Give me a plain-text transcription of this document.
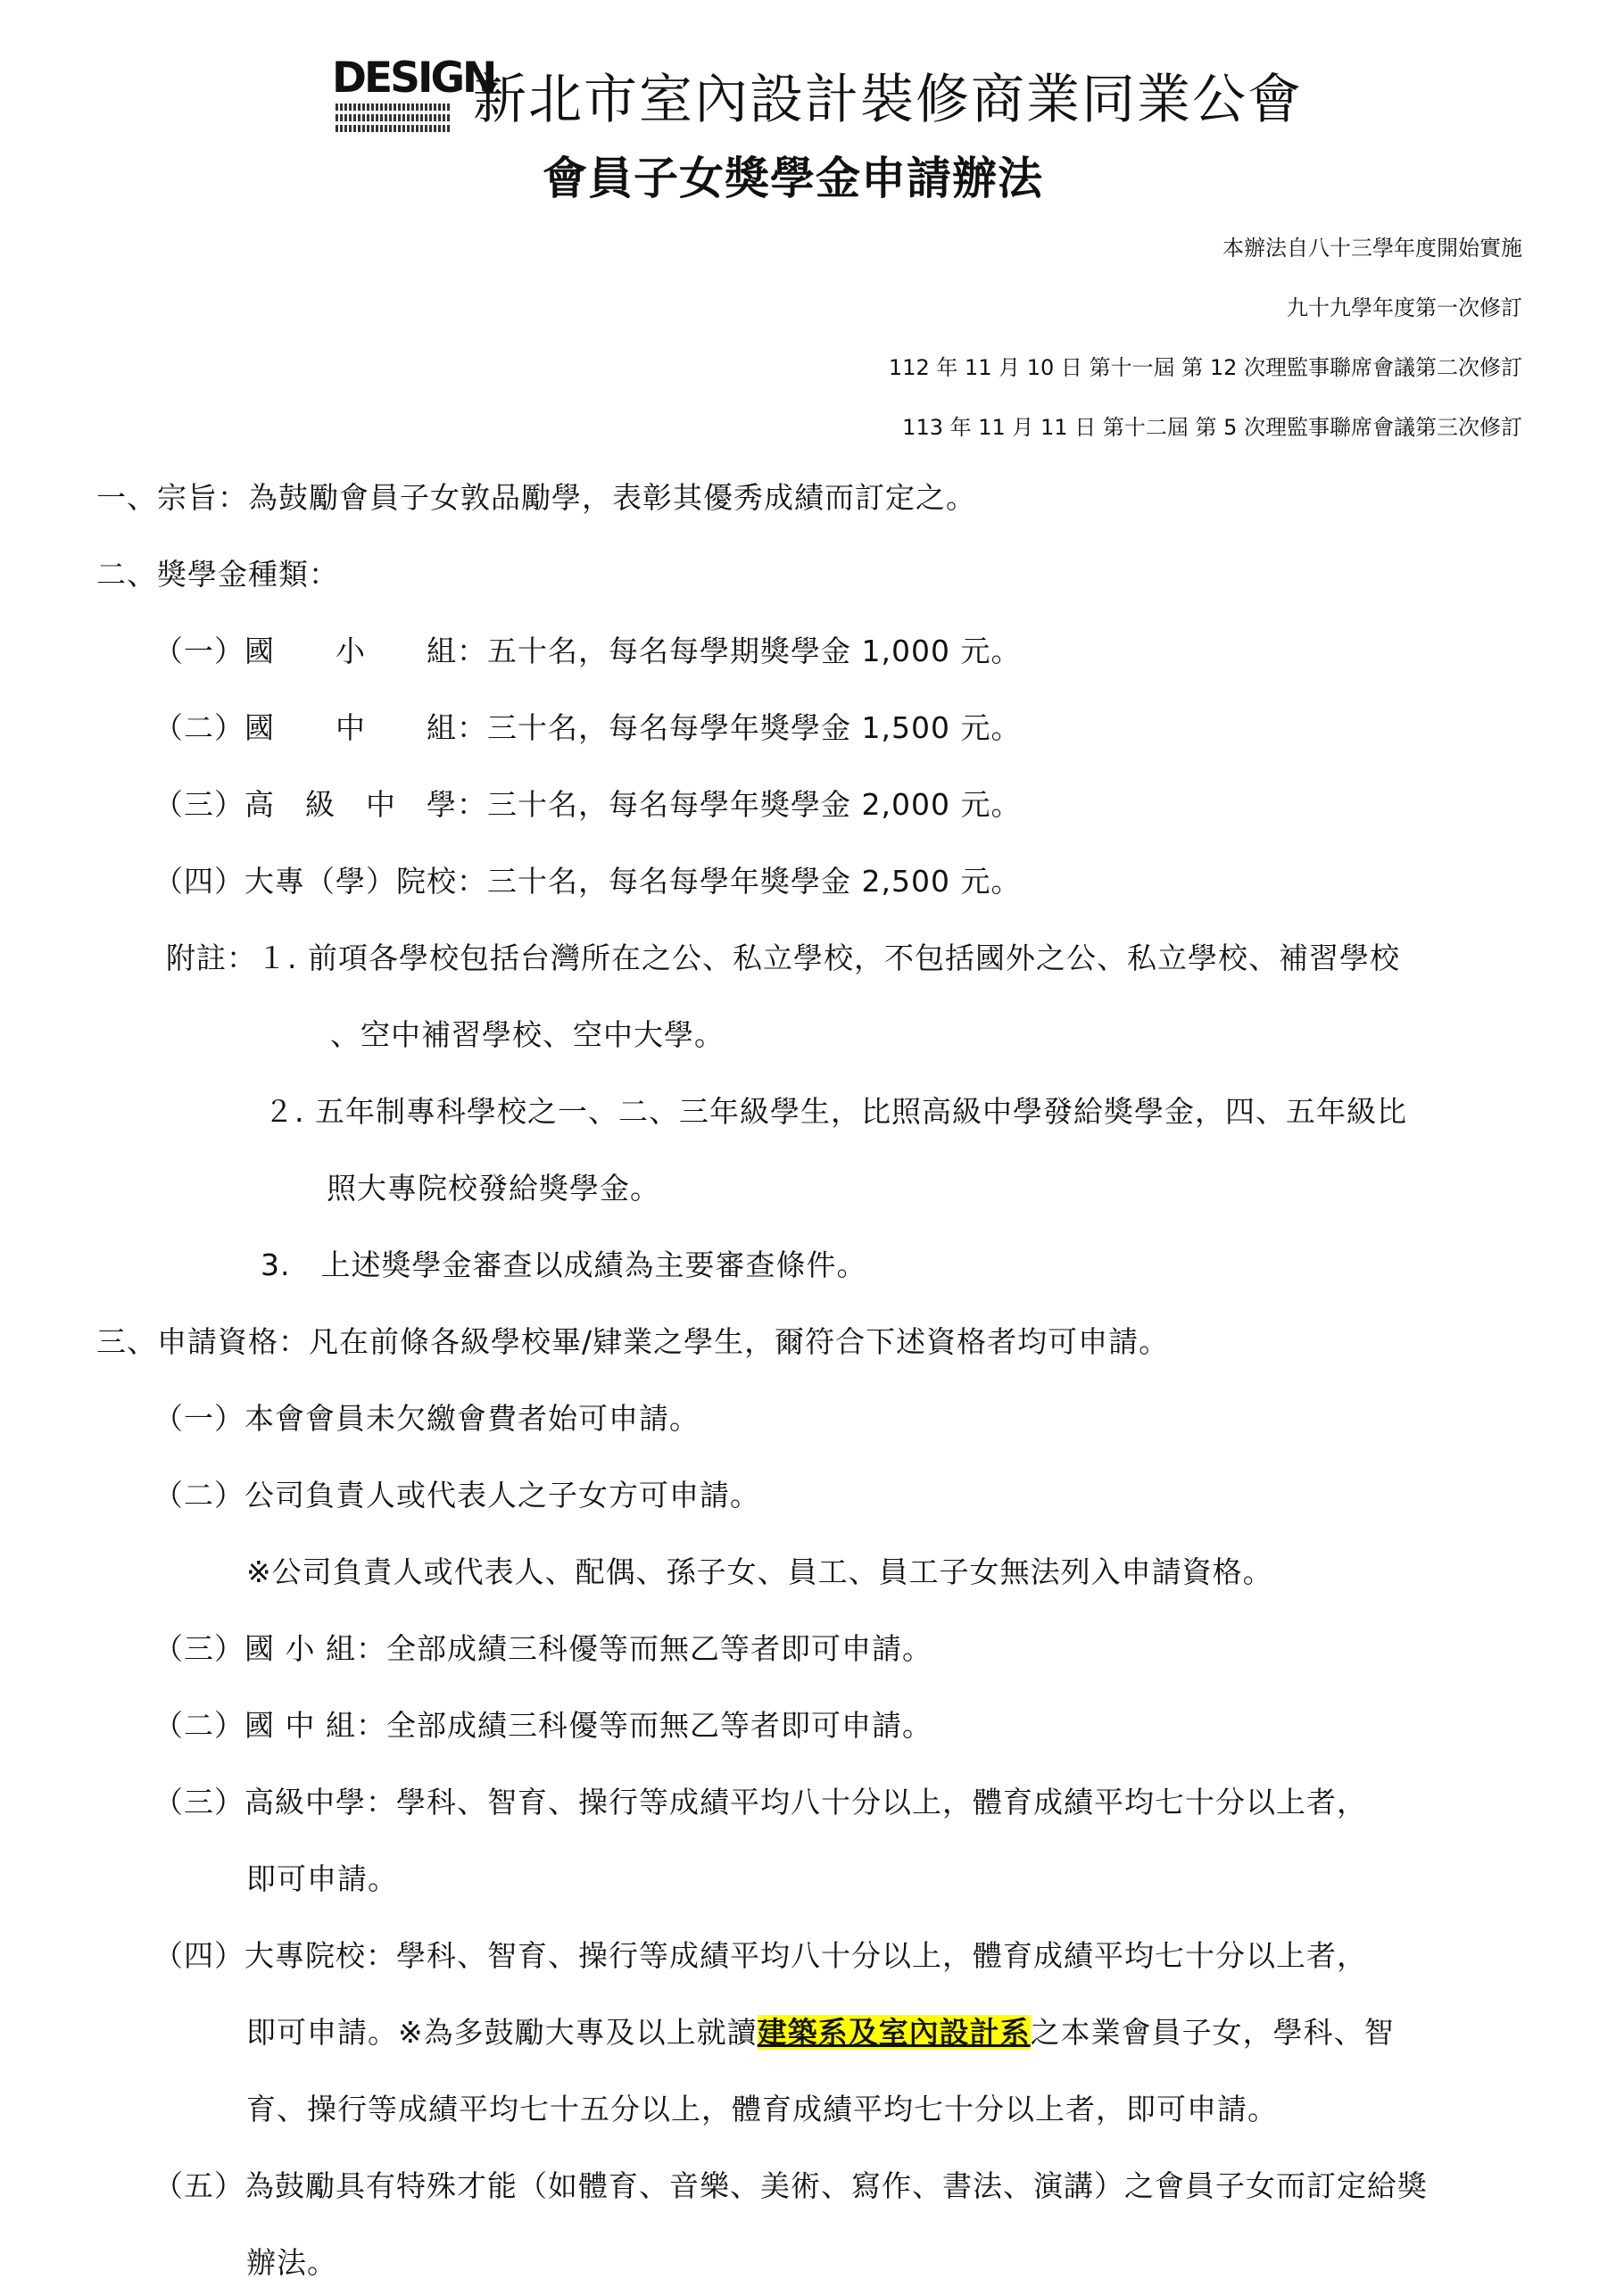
DESIGN
新北市室內設計裝修商業同業公會
會員子女獎學金申請辦法
本辦法自八十三學年度開始實施
九十九學年度第一次修訂
112 年 11 月 10 日 第十一屆 第 12 次理監事聯席會議第二次修訂
113 年 11 月 11 日 第十二屆 第 5 次理監事聯席會議第三次修訂
一、宗旨：為鼓勵會員子女敦品勵學，表彰其優秀成績而訂定之。
二、獎學金種類：
（一）國　　小　　組：五十名，每名每學期獎學金 1,000 元。
（二）國　　中　　組：三十名，每名每學年獎學金 1,500 元。
（三）高　級　中　學：三十名，每名每學年獎學金 2,000 元。
（四）大專（學）院校：三十名，每名每學年獎學金 2,500 元。
附註：１. 前項各學校包括台灣所在之公、私立學校，不包括國外之公、私立學校、補習學校
、空中補習學校、空中大學。
２. 五年制專科學校之一、二、三年級學生，比照高級中學發給獎學金，四、五年級比
照大專院校發給獎學金。
3.　上述獎學金審查以成績為主要審查條件。
三、申請資格：凡在前條各級學校畢/肄業之學生，爾符合下述資格者均可申請。
（一）本會會員未欠繳會費者始可申請。
（二）公司負責人或代表人之子女方可申請。
※公司負責人或代表人、配偶、孫子女、員工、員工子女無法列入申請資格。
（三）國 小 組：全部成績三科優等而無乙等者即可申請。
（二）國 中 組：全部成績三科優等而無乙等者即可申請。
（三）高級中學：學科、智育、操行等成績平均八十分以上，體育成績平均七十分以上者，
即可申請。
（四）大專院校：學科、智育、操行等成績平均八十分以上，體育成績平均七十分以上者，
即可申請。※為多鼓勵大專及以上就讀建築系及室內設計系之本業會員子女，學科、智
育、操行等成績平均七十五分以上，體育成績平均七十分以上者，即可申請。
（五）為鼓勵具有特殊才能（如體育、音樂、美術、寫作、書法、演講）之會員子女而訂定給獎
辦法。
